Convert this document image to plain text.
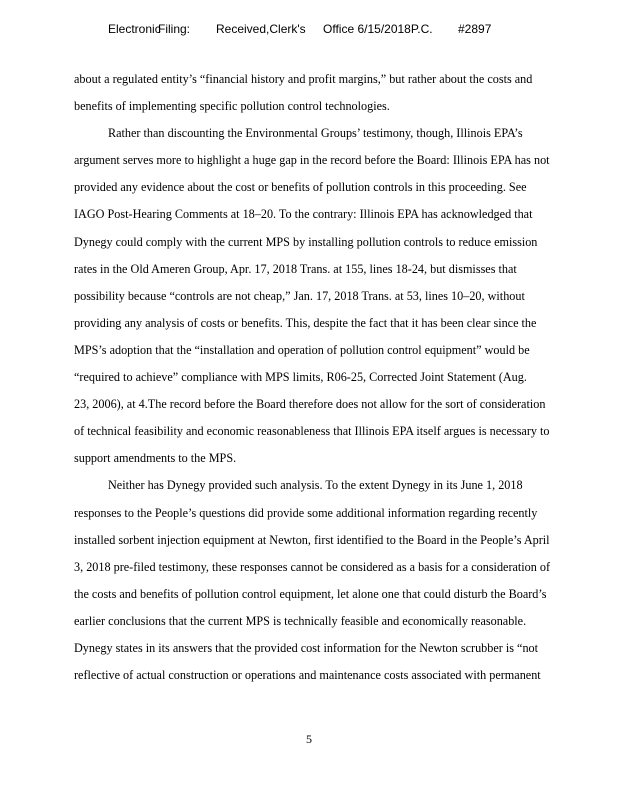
Electronic
Filing: Received,Clerk's Office 6/15/2018P.C. #2897
about a regulated entity’s “financial history and profit margins,” but rather about the costs and
benefits of implementing specific pollution control technologies.
Rather than discounting the Environmental Groups’ testimony, though, Illinois EPA’s
argument serves more to highlight a huge gap in the record before the Board: Illinois EPA has not
provided any evidence about the cost or benefits of pollution controls in this proceeding. See
IAGO Post-Hearing Comments at 18–20. To the contrary: Illinois EPA has acknowledged that
Dynegy could comply with the current MPS by installing pollution controls to reduce emission
rates in the Old Ameren Group, Apr. 17, 2018 Trans. at 155, lines 18-24, but dismisses that
possibility because “controls are not cheap,” Jan. 17, 2018 Trans. at 53, lines 10–20, without
providing any analysis of costs or benefits. This, despite the fact that it has been clear since the
MPS’s adoption that the “installation and operation of pollution control equipment” would be
“required to achieve” compliance with MPS limits, R06-25, Corrected Joint Statement (Aug.
23, 2006), at 4.The record before the Board therefore does not allow for the sort of consideration
of technical feasibility and economic reasonableness that Illinois EPA itself argues is necessary to
support amendments to the MPS.
Neither has Dynegy provided such analysis. To the extent Dynegy in its June 1, 2018
responses to the People’s questions did provide some additional information regarding recently
installed sorbent injection equipment at Newton, first identified to the Board in the People’s April
3, 2018 pre-filed testimony, these responses cannot be considered as a basis for a consideration of
the costs and benefits of pollution control equipment, let alone one that could disturb the Board’s
earlier conclusions that the current MPS is technically feasible and economically reasonable.
Dynegy states in its answers that the provided cost information for the Newton scrubber is “not
reflective of actual construction or operations and maintenance costs associated with permanent
5
